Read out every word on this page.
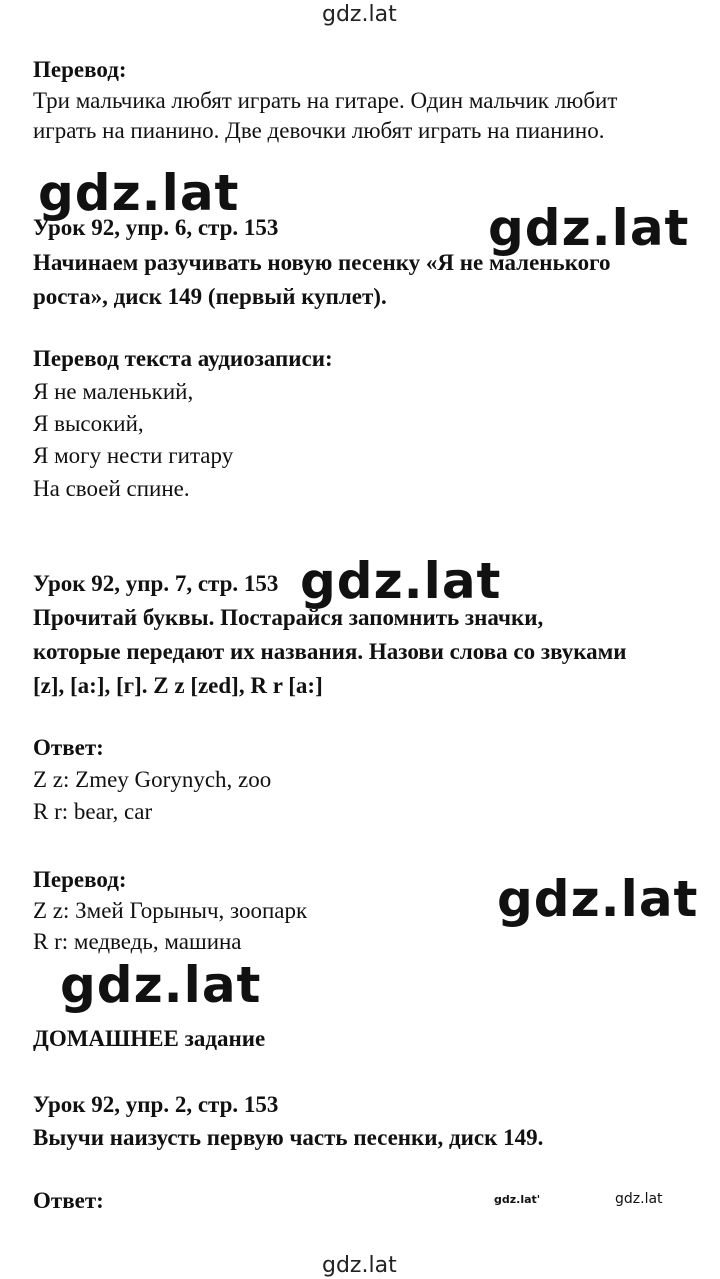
gdz.lat
gdz.lat
gdz.lat
gdz.lat
gdz.lat
gdz.lat
gdz.lat'	gdz.lat
gdz.lat
Перевод:
Три мальчика любят играть на гитаре. Один мальчик любит
играть на пианино. Две девочки любят играть на пианино.
Урок 92, упр. 6, стр. 153
Начинаем разучивать новую песенку «Я не маленького
роста», диск 149 (первый куплет).
Перевод текста аудиозаписи:
Я не маленький,
Я высокий,
Я могу нести гитару
На своей спине.
Урок 92, упр. 7, стр. 153
Прочитай буквы. Постарайся запомнить значки,
которые передают их названия. Назови слова со звуками
[z], [a:], [г]. Z z [zed], R r [a:]
Ответ:
Z z: Zmey Gorynych, zoo
R r: bear, car
Перевод:
Z z: Змей Горыныч, зоопарк
R r: медведь, машина
ДОМАШНЕЕ задание
Урок 92, упр. 2, стр. 153
Выучи наизусть первую часть песенки, диск 149.
Ответ:
